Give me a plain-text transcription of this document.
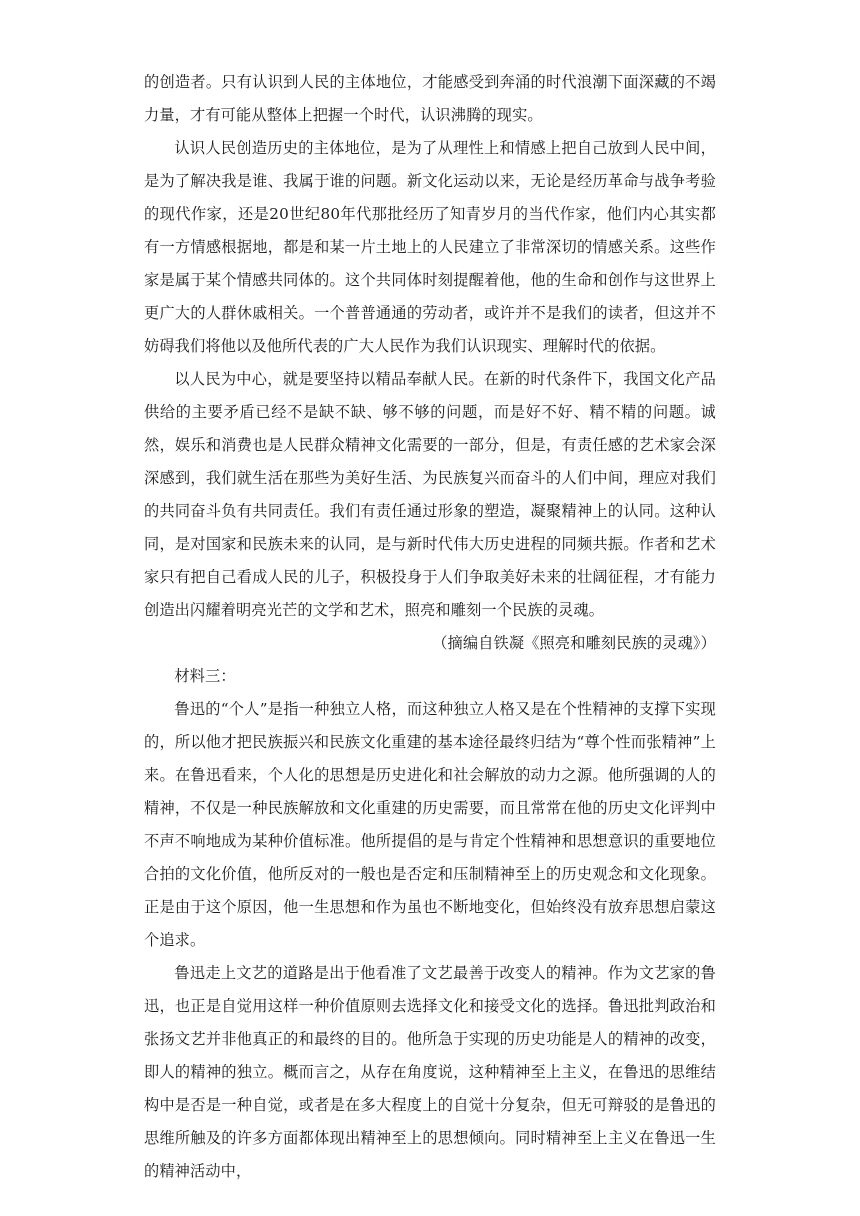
的创造者。只有认识到人民的主体地位，才能感受到奔涌的时代浪潮下面深藏的不竭力量，才有可能从整体上把握一个时代，认识沸腾的现实。

认识人民创造历史的主体地位，是为了从理性上和情感上把自己放到人民中间，是为了解决我是谁、我属于谁的问题。新文化运动以来，无论是经历革命与战争考验的现代作家，还是20世纪80年代那批经历了知青岁月的当代作家，他们内心其实都有一方情感根据地，都是和某一片土地上的人民建立了非常深切的情感关系。这些作家是属于某个情感共同体的。这个共同体时刻提醒着他，他的生命和创作与这世界上更广大的人群休戚相关。一个普普通通的劳动者，或许并不是我们的读者，但这并不妨碍我们将他以及他所代表的广大人民作为我们认识现实、理解时代的依据。

以人民为中心，就是要坚持以精品奉献人民。在新的时代条件下，我国文化产品供给的主要矛盾已经不是缺不缺、够不够的问题，而是好不好、精不精的问题。诚然，娱乐和消费也是人民群众精神文化需要的一部分，但是，有责任感的艺术家会深深感到，我们就生活在那些为美好生活、为民族复兴而奋斗的人们中间，理应对我们的共同奋斗负有共同责任。我们有责任通过形象的塑造，凝聚精神上的认同。这种认同，是对国家和民族未来的认同，是与新时代伟大历史进程的同频共振。作者和艺术家只有把自己看成人民的儿子，积极投身于人们争取美好未来的壮阔征程，才有能力创造出闪耀着明亮光芒的文学和艺术，照亮和雕刻一个民族的灵魂。

（摘编自铁凝《照亮和雕刻民族的灵魂》）

材料三：

鲁迅的“个人”是指一种独立人格，而这种独立人格又是在个性精神的支撑下实现的，所以他才把民族振兴和民族文化重建的基本途径最终归结为“尊个性而张精神”上来。在鲁迅看来，个人化的思想是历史进化和社会解放的动力之源。他所强调的人的精神，不仅是一种民族解放和文化重建的历史需要，而且常常在他的历史文化评判中不声不响地成为某种价值标准。他所提倡的是与肯定个性精神和思想意识的重要地位合拍的文化价值，他所反对的一般也是否定和压制精神至上的历史观念和文化现象。正是由于这个原因，他一生思想和作为虽也不断地变化，但始终没有放弃思想启蒙这个追求。

鲁迅走上文艺的道路是出于他看准了文艺最善于改变人的精神。作为文艺家的鲁迅，也正是自觉用这样一种价值原则去选择文化和接受文化的选择。鲁迅批判政治和张扬文艺并非他真正的和最终的目的。他所急于实现的历史功能是人的精神的改变，即人的精神的独立。概而言之，从存在角度说，这种精神至上主义，在鲁迅的思维结构中是否是一种自觉，或者是在多大程度上的自觉十分复杂，但无可辩驳的是鲁迅的思维所触及的许多方面都体现出精神至上的思想倾向。同时精神至上主义在鲁迅一生的精神活动中，
